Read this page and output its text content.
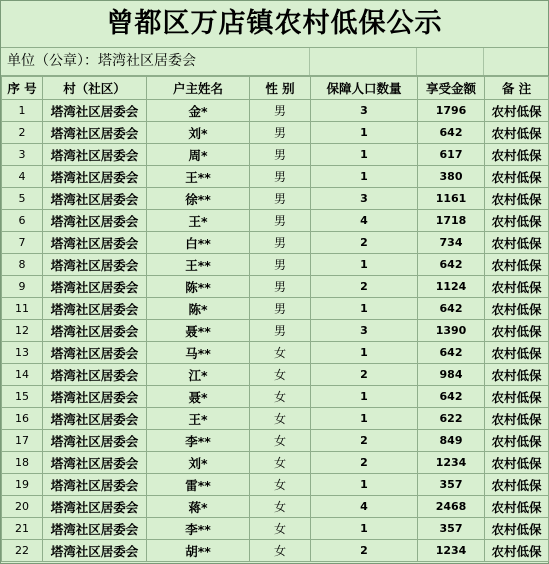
曾都区万店镇农村低保公示
单位（公章）：塔湾社区居委会
序 号	村（社区）	户主姓名	性 别	保障人口数量	享受金额	备 注
1	塔湾社区居委会	金*	男	3	1796	农村低保
2	塔湾社区居委会	刘*	男	1	642	农村低保
3	塔湾社区居委会	周*	男	1	617	农村低保
4	塔湾社区居委会	王**	男	1	380	农村低保
5	塔湾社区居委会	徐**	男	3	1161	农村低保
6	塔湾社区居委会	王*	男	4	1718	农村低保
7	塔湾社区居委会	白**	男	2	734	农村低保
8	塔湾社区居委会	王**	男	1	642	农村低保
9	塔湾社区居委会	陈**	男	2	1124	农村低保
11	塔湾社区居委会	陈*	男	1	642	农村低保
12	塔湾社区居委会	聂**	男	3	1390	农村低保
13	塔湾社区居委会	马**	女	1	642	农村低保
14	塔湾社区居委会	江*	女	2	984	农村低保
15	塔湾社区居委会	聂*	女	1	642	农村低保
16	塔湾社区居委会	王*	女	1	622	农村低保
17	塔湾社区居委会	李**	女	2	849	农村低保
18	塔湾社区居委会	刘*	女	2	1234	农村低保
19	塔湾社区居委会	雷**	女	1	357	农村低保
20	塔湾社区居委会	蒋*	女	4	2468	农村低保
21	塔湾社区居委会	李**	女	1	357	农村低保
22	塔湾社区居委会	胡**	女	2	1234	农村低保
